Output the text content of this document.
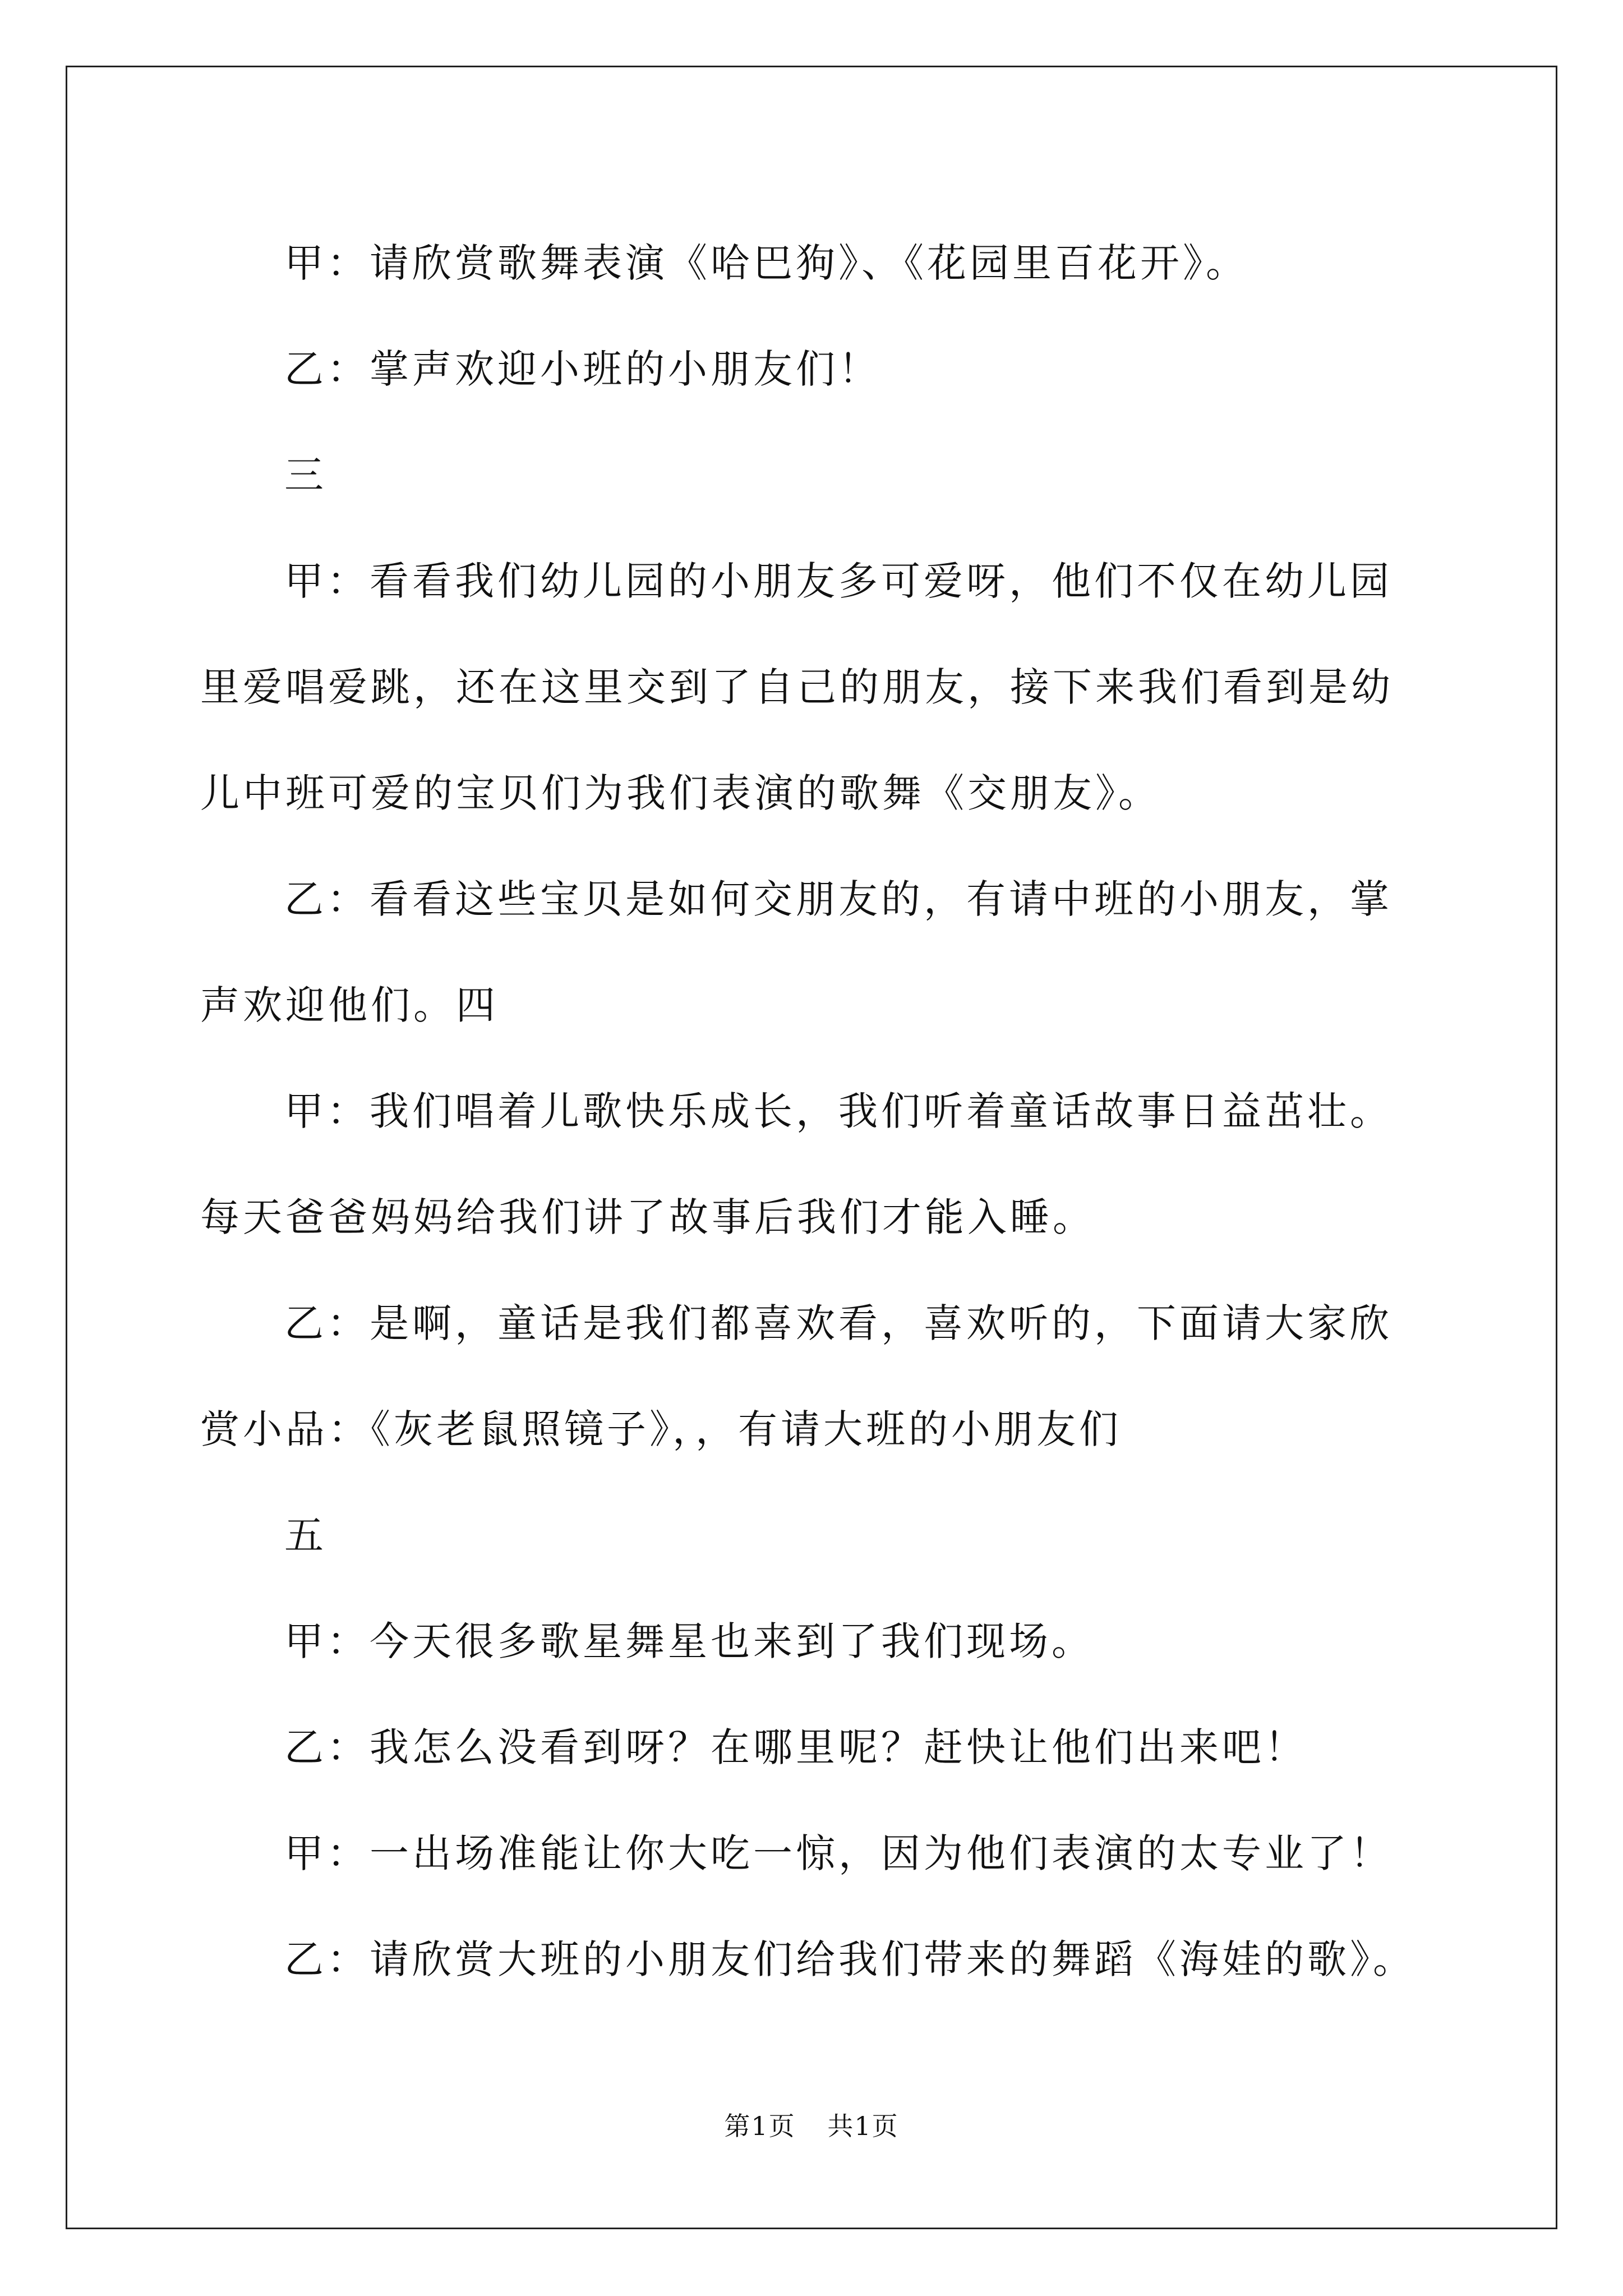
甲：请欣赏歌舞表演《哈巴狗》、《花园里百花开》。

乙：掌声欢迎小班的小朋友们！

三

甲：看看我们幼儿园的小朋友多可爱呀，他们不仅在幼儿园里爱唱爱跳，还在这里交到了自己的朋友，接下来我们看到是幼儿中班可爱的宝贝们为我们表演的歌舞《交朋友》。

乙：看看这些宝贝是如何交朋友的，有请中班的小朋友，掌声欢迎他们。四

甲：我们唱着儿歌快乐成长，我们听着童话故事日益茁壮。每天爸爸妈妈给我们讲了故事后我们才能入睡。

乙：是啊，童话是我们都喜欢看，喜欢听的，下面请大家欣赏小品：《灰老鼠照镜子》，，有请大班的小朋友们

五

甲：今天很多歌星舞星也来到了我们现场。

乙：我怎么没看到呀？在哪里呢？赶快让他们出来吧！

甲：一出场准能让你大吃一惊，因为他们表演的太专业了！

乙：请欣赏大班的小朋友们给我们带来的舞蹈《海娃的歌》。

第1页 共1页
